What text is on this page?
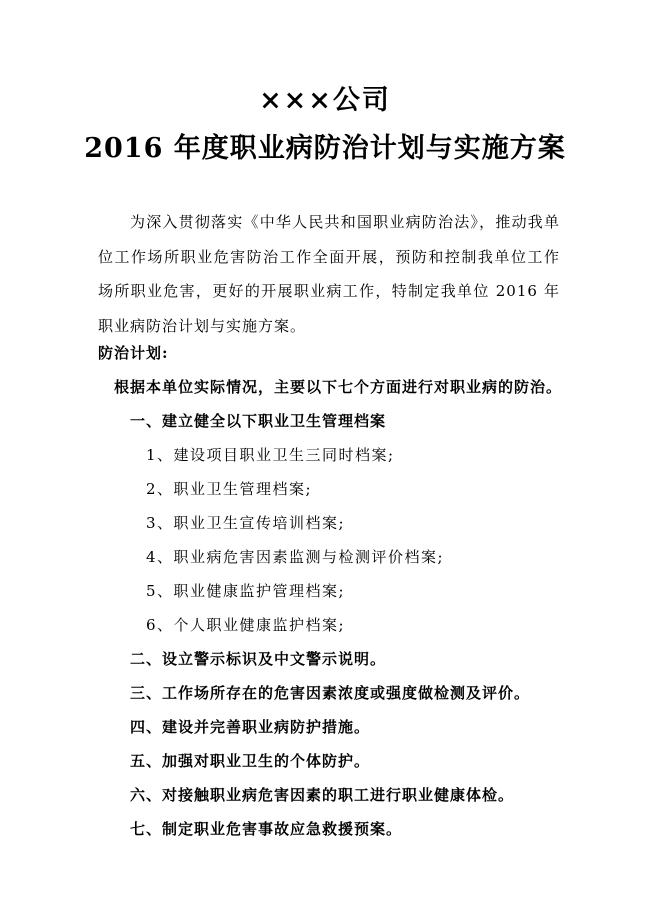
×××公司
2016 年度职业病防治计划与实施方案

为深入贯彻落实《中华人民共和国职业病防治法》，推动我单位工作场所职业危害防治工作全面开展，预防和控制我单位工作场所职业危害，更好的开展职业病工作，特制定我单位 2016 年职业病防治计划与实施方案。

防治计划:
根据本单位实际情况，主要以下七个方面进行对职业病的防治。
一、建立健全以下职业卫生管理档案
1、建设项目职业卫生三同时档案;
2、职业卫生管理档案;
3、职业卫生宣传培训档案;
4、职业病危害因素监测与检测评价档案;
5、职业健康监护管理档案;
6、个人职业健康监护档案;
二、设立警示标识及中文警示说明。
三、工作场所存在的危害因素浓度或强度做检测及评价。
四、建设并完善职业病防护措施。
五、加强对职业卫生的个体防护。
六、对接触职业病危害因素的职工进行职业健康体检。
七、制定职业危害事故应急救援预案。
